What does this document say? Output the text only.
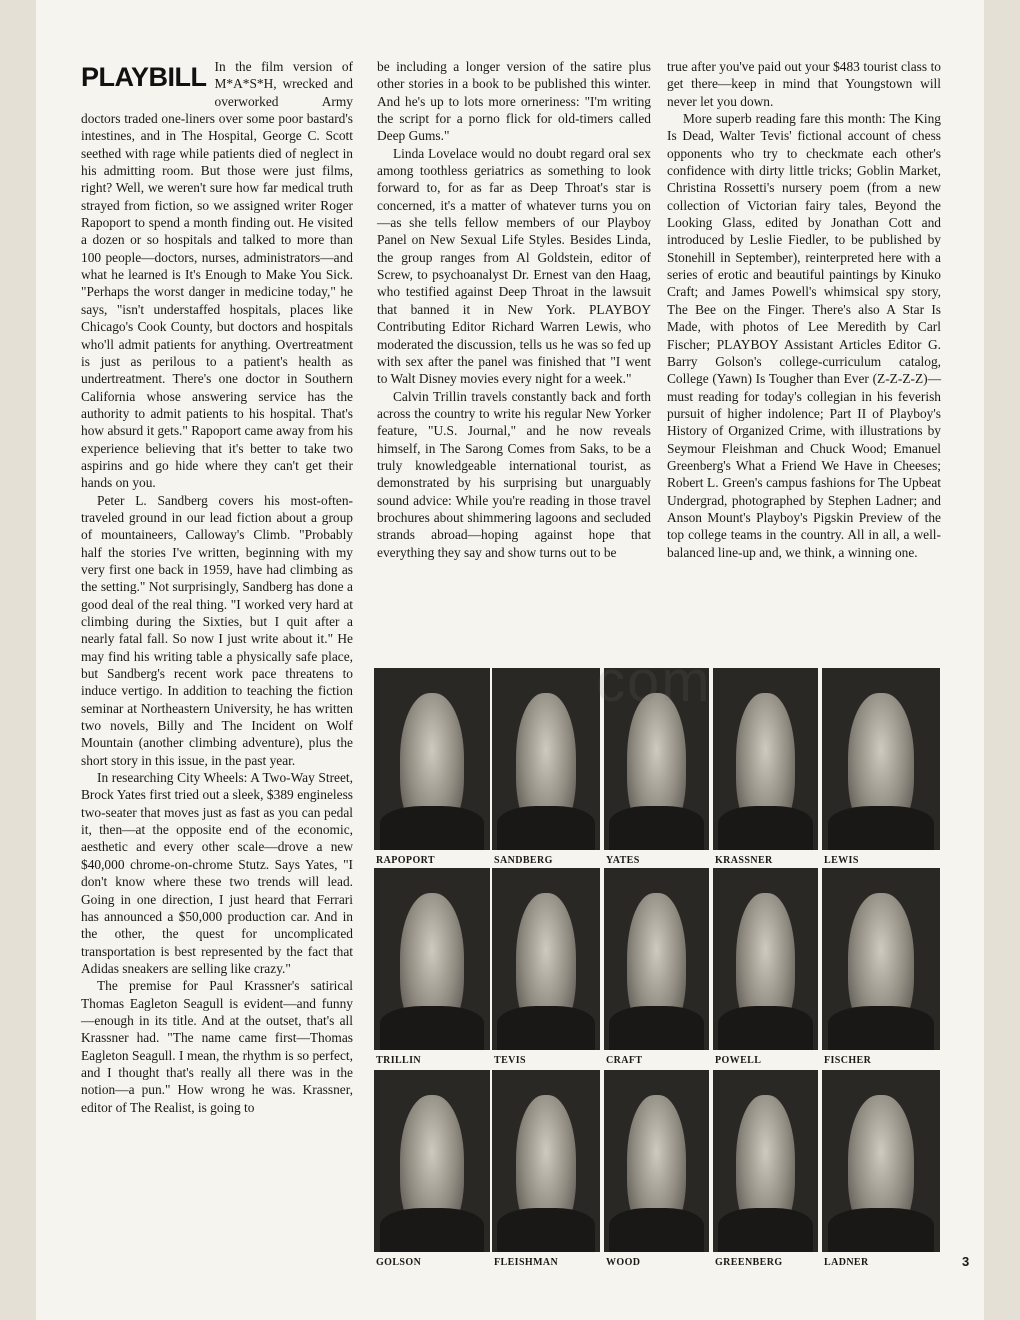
PLAYBILL In the film version of M*A*S*H, wrecked and overworked Army doctors traded one-liners over some poor bastard's intestines, and in The Hospital, George C. Scott seethed with rage while patients died of neglect in his admitting room. But those were just films, right? Well, we weren't sure how far medical truth strayed from fiction, so we assigned writer Roger Rapoport to spend a month finding out. He visited a dozen or so hospitals and talked to more than 100 people—doctors, nurses, administrators—and what he learned is It's Enough to Make You Sick. "Perhaps the worst danger in medicine today," he says, "isn't understaffed hospitals, places like Chicago's Cook County, but doctors and hospitals who'll admit patients for anything. Overtreatment is just as perilous to a patient's health as undertreatment. There's one doctor in Southern California whose answering service has the authority to admit patients to his hospital. That's how absurd it gets." Rapoport came away from his experience believing that it's better to take two aspirins and go hide where they can't get their hands on you.

Peter L. Sandberg covers his most-often-traveled ground in our lead fiction about a group of mountaineers, Calloway's Climb. "Probably half the stories I've written, beginning with my very first one back in 1959, have had climbing as the setting." Not surprisingly, Sandberg has done a good deal of the real thing. "I worked very hard at climbing during the Sixties, but I quit after a nearly fatal fall. So now I just write about it." He may find his writing table a physically safe place, but Sandberg's recent work pace threatens to induce vertigo. In addition to teaching the fiction seminar at Northeastern University, he has written two novels, Billy and The Incident on Wolf Mountain (another climbing adventure), plus the short story in this issue, in the past year.

In researching City Wheels: A Two-Way Street, Brock Yates first tried out a sleek, $389 engineless two-seater that moves just as fast as you can pedal it, then—at the opposite end of the economic, aesthetic and every other scale—drove a new $40,000 chrome-on-chrome Stutz. Says Yates, "I don't know where these two trends will lead. Going in one direction, I just heard that Ferrari has announced a $50,000 production car. And in the other, the quest for uncomplicated transportation is best represented by the fact that Adidas sneakers are selling like crazy."

The premise for Paul Krassner's satirical Thomas Eagleton Seagull is evident—and funny—enough in its title. And at the outset, that's all Krassner had. "The name came first—Thomas Eagleton Seagull. I mean, the rhythm is so perfect, and I thought that's really all there was in the notion—a pun." How wrong he was. Krassner, editor of The Realist, is going to

be including a longer version of the satire plus other stories in a book to be published this winter. And he's up to lots more orneriness: "I'm writing the script for a porno flick for old-timers called Deep Gums."

Linda Lovelace would no doubt regard oral sex among toothless geriatrics as something to look forward to, for as far as Deep Throat's star is concerned, it's a matter of whatever turns you on—as she tells fellow members of our Playboy Panel on New Sexual Life Styles. Besides Linda, the group ranges from Al Goldstein, editor of Screw, to psychoanalyst Dr. Ernest van den Haag, who testified against Deep Throat in the lawsuit that banned it in New York. PLAYBOY Contributing Editor Richard Warren Lewis, who moderated the discussion, tells us he was so fed up with sex after the panel was finished that "I went to Walt Disney movies every night for a week."

Calvin Trillin travels constantly back and forth across the country to write his regular New Yorker feature, "U.S. Journal," and he now reveals himself, in The Sarong Comes from Saks, to be a truly knowledgeable international tourist, as demonstrated by his surprising but unarguably sound advice: While you're reading in those travel brochures about shimmering lagoons and secluded strands abroad—hoping against hope that everything they say and show turns out to be

true after you've paid out your $483 tourist class to get there—keep in mind that Youngstown will never let you down.

More superb reading fare this month: The King Is Dead, Walter Tevis' fictional account of chess opponents who try to checkmate each other's confidence with dirty little tricks; Goblin Market, Christina Rossetti's nursery poem (from a new collection of Victorian fairy tales, Beyond the Looking Glass, edited by Jonathan Cott and introduced by Leslie Fiedler, to be published by Stonehill in September), reinterpreted here with a series of erotic and beautiful paintings by Kinuko Craft; and James Powell's whimsical spy story, The Bee on the Finger. There's also A Star Is Made, with photos of Lee Meredith by Carl Fischer; PLAYBOY Assistant Articles Editor G. Barry Golson's college-curriculum catalog, College (Yawn) Is Tougher than Ever (Z-Z-Z-Z)—must reading for today's collegian in his feverish pursuit of higher indolence; Part II of Playboy's History of Organized Crime, with illustrations by Seymour Fleishman and Chuck Wood; Emanuel Greenberg's What a Friend We Have in Cheeses; Robert L. Green's campus fashions for The Upbeat Undergrad, photographed by Stephen Ladner; and Anson Mount's Playboy's Pigskin Preview of the top college teams in the country. All in all, a well-balanced line-up and, we think, a winning one.

RAPOPORT	SANDBERG	YATES	KRASSNER	LEWIS
TRILLIN	TEVIS	CRAFT	POWELL	FISCHER
GOLSON	FLEISHMAN	WOOD	GREENBERG	LADNER	3
